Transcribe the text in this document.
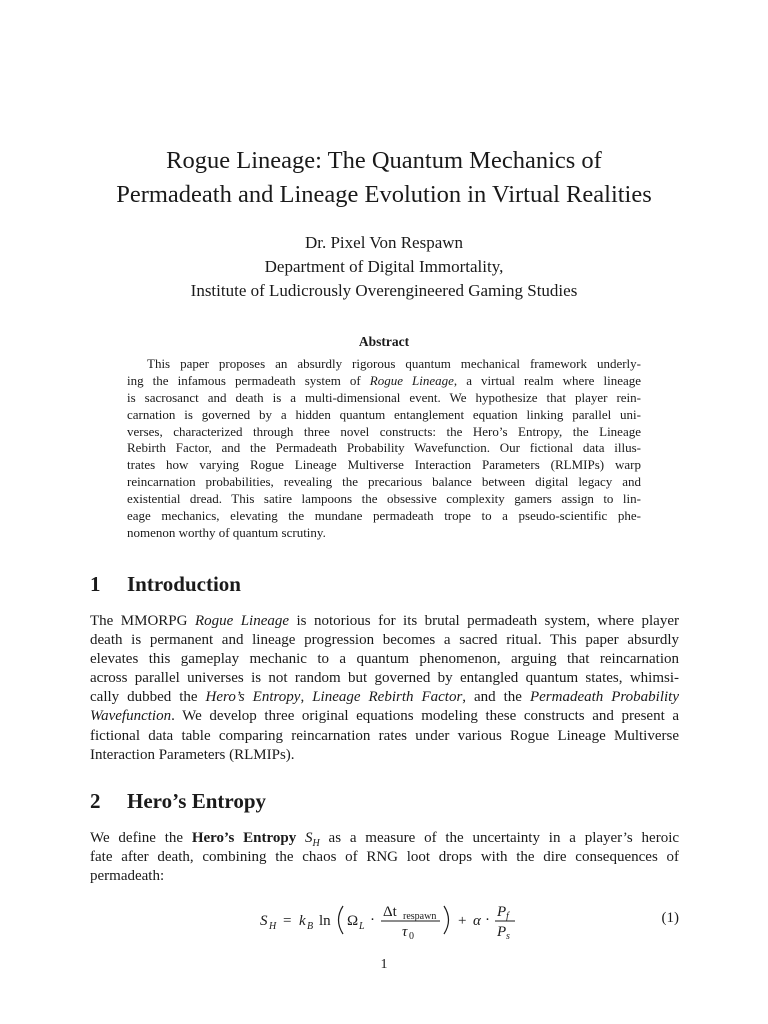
Rogue Lineage: The Quantum Mechanics of
Permadeath and Lineage Evolution in Virtual Realities
Dr. Pixel Von Respawn
Department of Digital Immortality,
Institute of Ludicrously Overengineered Gaming Studies
Abstract
This paper proposes an absurdly rigorous quantum mechanical framework underly-
ing the infamous permadeath system of Rogue Lineage, a virtual realm where lineage
is sacrosanct and death is a multi-dimensional event. We hypothesize that player rein-
carnation is governed by a hidden quantum entanglement equation linking parallel uni-
verses, characterized through three novel constructs: the Hero’s Entropy, the Lineage
Rebirth Factor, and the Permadeath Probability Wavefunction. Our fictional data illus-
trates how varying Rogue Lineage Multiverse Interaction Parameters (RLMIPs) warp
reincarnation probabilities, revealing the precarious balance between digital legacy and
existential dread. This satire lampoons the obsessive complexity gamers assign to lin-
eage mechanics, elevating the mundane permadeath trope to a pseudo-scientific phe-
nomenon worthy of quantum scrutiny.
1 Introduction
The MMORPG Rogue Lineage is notorious for its brutal permadeath system, where player
death is permanent and lineage progression becomes a sacred ritual. This paper absurdly
elevates this gameplay mechanic to a quantum phenomenon, arguing that reincarnation
across parallel universes is not random but governed by entangled quantum states, whimsi-
cally dubbed the Hero’s Entropy, Lineage Rebirth Factor, and the Permadeath Probability
Wavefunction. We develop three original equations modeling these constructs and present a
fictional data table comparing reincarnation rates under various Rogue Lineage Multiverse
Interaction Parameters (RLMIPs).
2 Hero’s Entropy
We define the Hero’s Entropy $S_H$ as a measure of the uncertainty in a player’s heroic
fate after death, combining the chaos of RNG loot drops with the dire consequences of
permadeath:
S H = k B ln Ω L · Δt respawn
τ 0
+ α · P f
P s
(1)
1
